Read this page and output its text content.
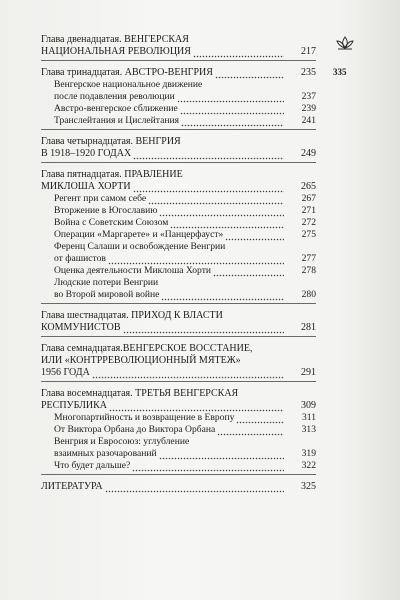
335
Глава двенадцатая. ВЕНГЕРСКАЯ
НАЦИОНАЛЬНАЯ РЕВОЛЮЦИЯ	217
Глава тринадцатая. АВСТРО-ВЕНГРИЯ	235
Венгерское национальное движение
после подавления революции	237
Австро-венгерское сближение	239
Транслейтания и Цислейтания	241
Глава четырнадцатая. ВЕНГРИЯ
В 1918–1920 ГОДАХ	249
Глава пятнадцатая. ПРАВЛЕНИЕ
МИКЛОША ХОРТИ	265
Регент при самом себе	267
Вторжение в Югославию	271
Война с Советским Союзом	272
Операции «Маргарете» и «Панцерфауст»	275
Ференц Салаши и освобождение Венгрии
от фашистов	277
Оценка деятельности Миклоша Хорти	278
Людские потери Венгрии
во Второй мировой войне	280
Глава шестнадцатая. ПРИХОД К ВЛАСТИ
КОММУНИСТОВ	281
Глава семнадцатая.ВЕНГЕРСКОЕ ВОССТАНИЕ,
ИЛИ «КОНТРРЕВОЛЮЦИОННЫЙ МЯТЕЖ»
1956 ГОДА	291
Глава восемнадцатая. ТРЕТЬЯ ВЕНГЕРСКАЯ
РЕСПУБЛИКА	309
Многопартийность и возвращение в Европу	311
От Виктора Орбана до Виктора Орбана	313
Венгрия и Евросоюз: углубление
взаимных разочарований	319
Что будет дальше?	322
ЛИТЕРАТУРА	325
